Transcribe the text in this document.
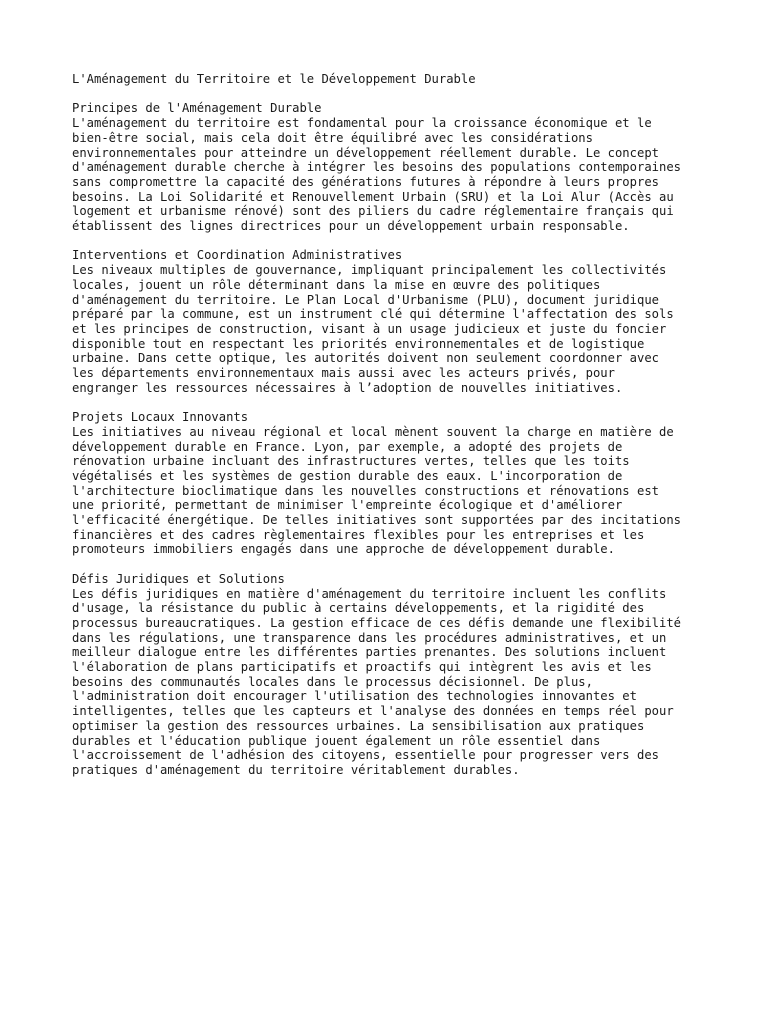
L'Aménagement du Territoire et le Développement Durable
Principes de l'Aménagement Durable

L'aménagement du territoire est fondamental pour la croissance économique et le
bien-être social, mais cela doit être équilibré avec les considérations
environnementales pour atteindre un développement réellement durable. Le concept
d'aménagement durable cherche à intégrer les besoins des populations contemporaines
sans compromettre la capacité des générations futures à répondre à leurs propres
besoins. La Loi Solidarité et Renouvellement Urbain (SRU) et la Loi Alur (Accès au
logement et urbanisme rénové) sont des piliers du cadre réglementaire français qui
établissent des lignes directrices pour un développement urbain responsable.

Interventions et Coordination Administratives

Les niveaux multiples de gouvernance, impliquant principalement les collectivités
locales, jouent un rôle déterminant dans la mise en œuvre des politiques
d'aménagement du territoire. Le Plan Local d'Urbanisme (PLU), document juridique
préparé par la commune, est un instrument clé qui détermine l'affectation des sols
et les principes de construction, visant à un usage judicieux et juste du foncier
disponible tout en respectant les priorités environnementales et de logistique
urbaine. Dans cette optique, les autorités doivent non seulement coordonner avec
les départements environnementaux mais aussi avec les acteurs privés, pour
engranger les ressources nécessaires à l’adoption de nouvelles initiatives.

Projets Locaux Innovants

Les initiatives au niveau régional et local mènent souvent la charge en matière de
développement durable en France. Lyon, par exemple, a adopté des projets de
rénovation urbaine incluant des infrastructures vertes, telles que les toits
végétalisés et les systèmes de gestion durable des eaux. L'incorporation de
l'architecture bioclimatique dans les nouvelles constructions et rénovations est
une priorité, permettant de minimiser l'empreinte écologique et d'améliorer
l'efficacité énergétique. De telles initiatives sont supportées par des incitations
financières et des cadres règlementaires flexibles pour les entreprises et les
promoteurs immobiliers engagés dans une approche de développement durable.

Défis Juridiques et Solutions

Les défis juridiques en matière d'aménagement du territoire incluent les conflits
d'usage, la résistance du public à certains développements, et la rigidité des
processus bureaucratiques. La gestion efficace de ces défis demande une flexibilité
dans les régulations, une transparence dans les procédures administratives, et un
meilleur dialogue entre les différentes parties prenantes. Des solutions incluent
l'élaboration de plans participatifs et proactifs qui intègrent les avis et les
besoins des communautés locales dans le processus décisionnel. De plus,
l'administration doit encourager l'utilisation des technologies innovantes et
intelligentes, telles que les capteurs et l'analyse des données en temps réel pour
optimiser la gestion des ressources urbaines. La sensibilisation aux pratiques
durables et l'éducation publique jouent également un rôle essentiel dans
l'accroissement de l'adhésion des citoyens, essentielle pour progresser vers des
pratiques d'aménagement du territoire véritablement durables.
